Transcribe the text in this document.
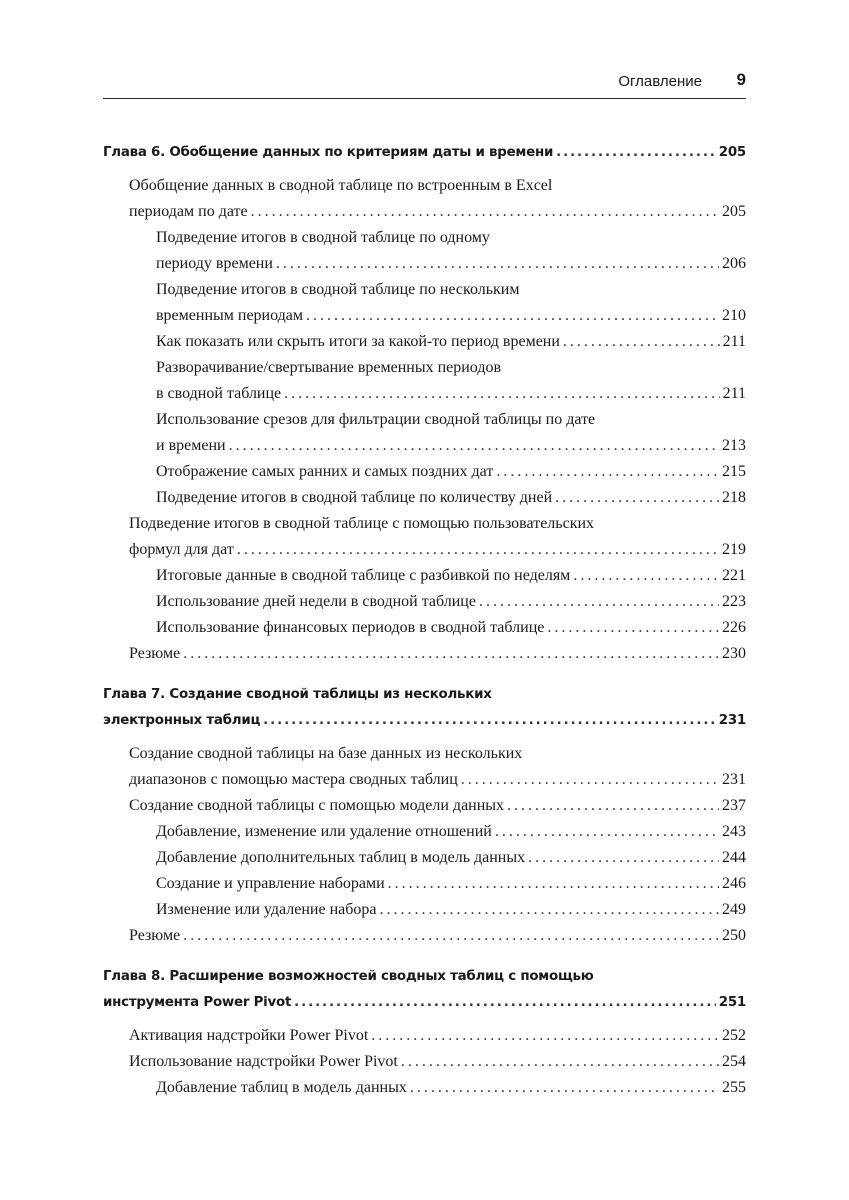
Оглавление 9
Глава 6. Обобщение данных по критериям даты и времени .....	205
Обобщение данных в сводной таблице по встроенным в Excel
периодам по дате . . .	205
Подведение итогов в сводной таблице по одному
периоду времени . . .	206
Подведение итогов в сводной таблице по нескольким
временным периодам . . .	210
Как показать или скрыть итоги за какой-то период времени . . .	211
Разворачивание/свертывание временных периодов
в сводной таблице . . .	211
Использование срезов для фильтрации сводной таблицы по дате
и времени . . .	213
Отображение самых ранних и самых поздних дат . . .	215
Подведение итогов в сводной таблице по количеству дней . . .	218
Подведение итогов в сводной таблице с помощью пользовательских
формул для дат . . .	219
Итоговые данные в сводной таблице с разбивкой по неделям . . .	221
Использование дней недели в сводной таблице . . .	223
Использование финансовых периодов в сводной таблице . . .	226
Резюме . . .	230
Глава 7. Создание сводной таблицы из нескольких
электронных таблиц .....	231
Создание сводной таблицы на базе данных из нескольких
диапазонов с помощью мастера сводных таблиц . . .	231
Создание сводной таблицы с помощью модели данных . . .	237
Добавление, изменение или удаление отношений . . .	243
Добавление дополнительных таблиц в модель данных . . .	244
Создание и управление наборами . . .	246
Изменение или удаление набора . . .	249
Резюме . . .	250
Глава 8. Расширение возможностей сводных таблиц с помощью
инструмента Power Pivot .....	251
Активация надстройки Power Pivot . . .	252
Использование надстройки Power Pivot . . .	254
Добавление таблиц в модель данных . . .	255
